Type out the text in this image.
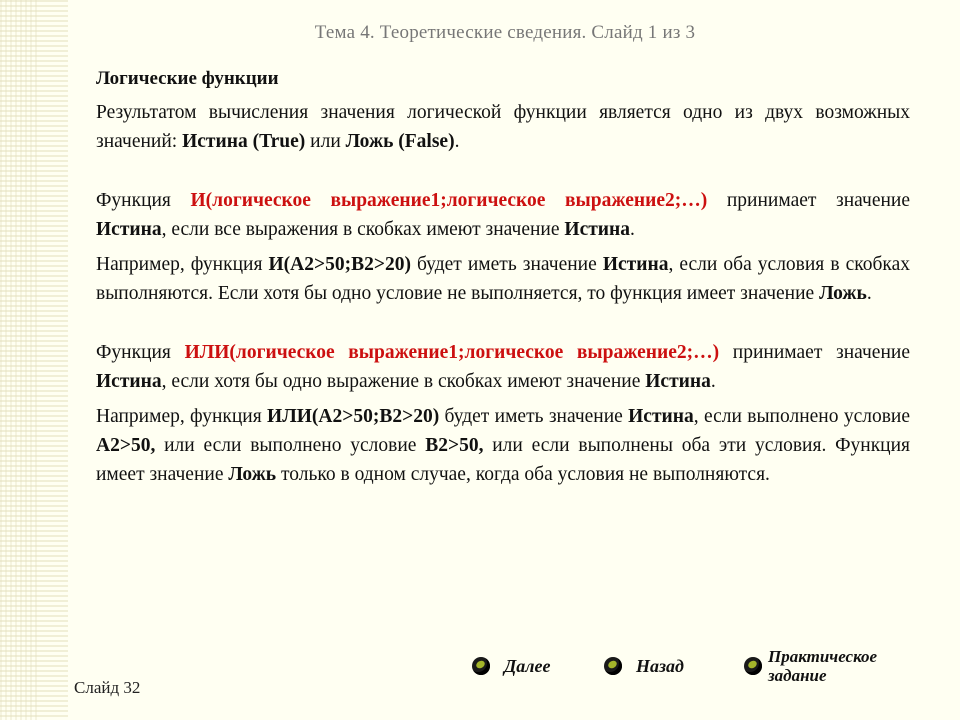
Тема 4. Теоретические сведения. Слайд 1 из 3
Логические функции

Результатом вычисления значения логической функции является одно из двух возможных значений: Истина (True) или Ложь (False).

Функция И(логическое выражение1;логическое выражение2;…) принимает значение Истина, если все выражения в скобках имеют значение Истина.

Например, функция И(А2>50;В2>20) будет иметь значение Истина, если оба условия в скобках выполняются. Если хотя бы одно условие не выполняется, то функция имеет значение Ложь.

Функция ИЛИ(логическое выражение1;логическое выражение2;…) принимает значение Истина, если хотя бы одно выражение в скобках имеют значение Истина.

Например, функция ИЛИ(А2>50;В2>20) будет иметь значение Истина, если выполнено условие А2>50, или если выполнено условие В2>50, или если выполнены оба эти условия. Функция имеет значение Ложь только в одном случае, когда оба условия не выполняются.

Далее	Назад	Практическое
задание
Слайд 32
